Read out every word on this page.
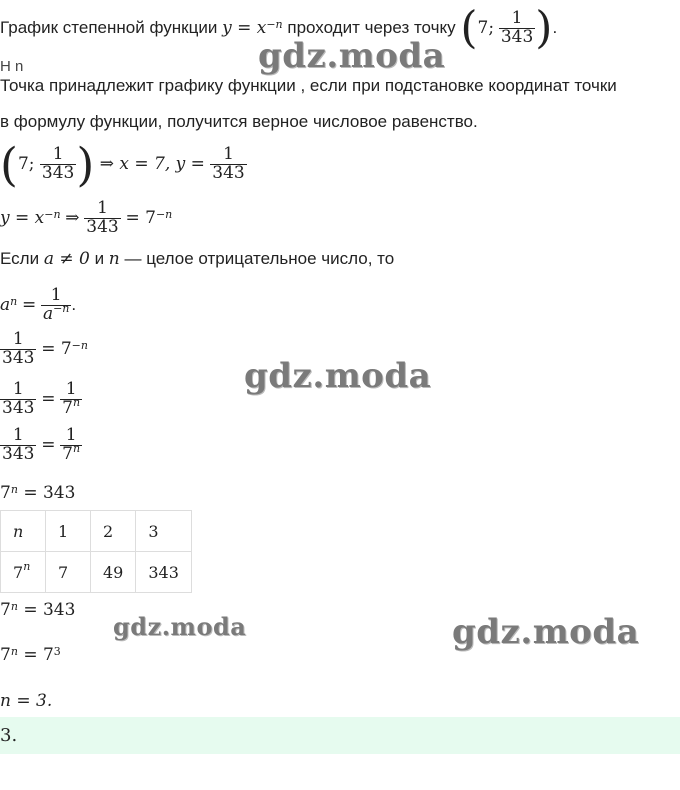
График степенной функции $y = x^{-n}$ проходит через точку (7; $\frac{1}{343}$ ).
Н n	gdz.moda
Точка принадлежит графику функции , если при подстановке координат точки
в формулу функции, получится верное числовое равенство.
(7; $\frac{1}{343}$ ) ⇒ x = 7, $y = \frac{1}{343}$
$y = x^{-n}$ ⇒ $\frac{1}{343} = 7^{-n}$
Если a ≠ 0 и n — целое отрицательное число, то
$a^n = \frac{1}{a^{-n}}$ .
$\frac{1}{343} = 7^{-n}$
gdz.moda
$\frac{1}{343} = \frac{1}{7^n}$
$\frac{1}{343} = \frac{1}{7^n}$
$7^n = 343$
n	1	2	3
7$^n$	7	49	343
$7^n = 343$
gdz.moda	gdz.moda
$7^n = 7^3$
n = 3.
3.
